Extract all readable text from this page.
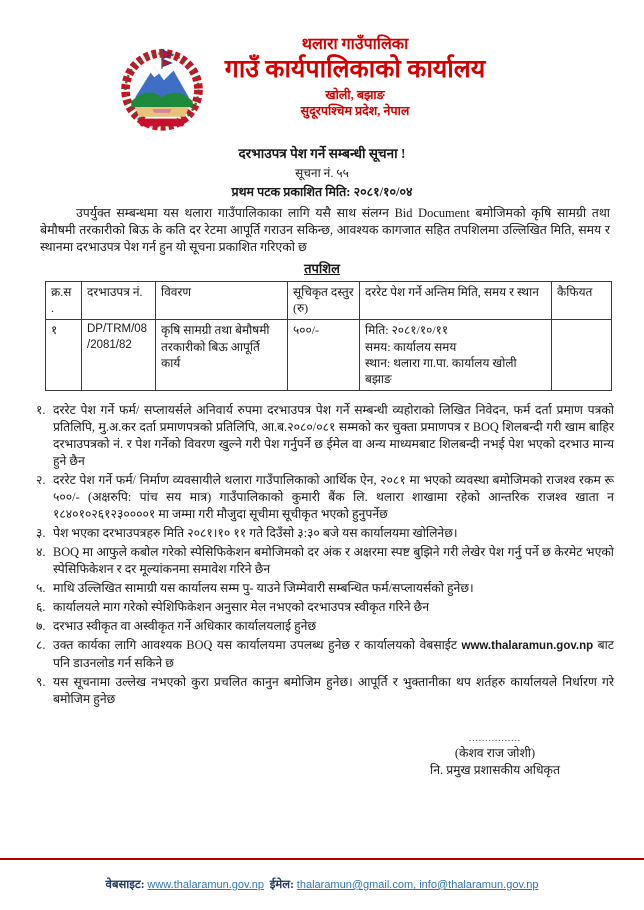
थलारा गाउँपालिका
गाउँ कार्यपालिकाको कार्यालय
खोली, बझाङ
सुदूरपश्चिम प्रदेश, नेपाल
दरभाउपत्र पेश गर्ने सम्बन्धी सूचना !
सूचना नं. ५५
प्रथम पटक प्रकाशित मिति: २०८१/१०/०४
उपर्युक्त सम्बन्धमा यस थलारा गाउँपालिकाका लागि यसै साथ संलग्न Bid Document बमोजिमको कृषि सामग्री तथा बेमौषमी तरकारीको बिऊ के कति दर रेटमा आपूर्ति गराउन सकिन्छ, आवश्यक कागजात सहित तपशिलमा उल्लिखित मिति, समय र स्थानमा दरभाउपत्र पेश गर्न हुन यो सूचना प्रकाशित गरिएको छ
तपशिल
क्र.स .	दरभाउपत्र नं.	विवरण	सूचिकृत दस्तुर (रु)	दररेट पेश गर्ने अन्तिम मिति, समय र स्थान	कैफियत
१	DP/TRM/08 /2081/82	कृषि सामग्री तथा बेमौषमी तरकारीको बिऊ आपूर्ति कार्य	५००/-	मिति: २०८१/१०/११
समय: कार्यालय समय
स्थान: थलारा गा.पा. कार्यालय खोली बझाङ	

१. दररेट पेश गर्ने फर्म/ सप्लायर्सले अनिवार्य रुपमा दरभाउपत्र पेश गर्ने सम्बन्धी व्यहोराको लिखित निवेदन, फर्म दर्ता प्रमाण पत्रको प्रतिलिपि, मु.अ.कर दर्ता प्रमाणपत्रको प्रतिलिपि, आ.ब.२०८०/०८१ सम्मको कर चुक्ता प्रमाणपत्र र BOQ शिलबन्दी गरी खाम बाहिर दरभाउपत्रको नं. र पेश गर्नेको विवरण खुल्ने गरी पेश गर्नुपर्ने छ ईमेल वा अन्य माध्यमबाट शिलबन्दी नभई पेश भएको दरभाउ मान्य हुने छैन
२. दररेट पेश गर्ने फर्म/ निर्माण व्यवसायीले थलारा गाउँपालिकाको आर्थिक ऐन, २०८१ मा भएको व्यवस्था बमोजिमको राजश्व रकम रू ५००/- (अक्षरुपि: पांच सय मात्र) गाउँपालिकाको कुमारी बैंक लि. थलारा शाखामा रहेको आन्तरिक राजश्व खाता न १८४०१०२६१२३००००१ मा जम्मा गरी मौजुदा सूचीमा सूचीकृत भएको हुनुपर्नेछ
३. पेश भएका दरभाउपत्रहरु मिति २०८१।१० ११ गते दिउँसो ३:३० बजे यस कार्यालयमा खोलिनेछ।
४. BOQ मा आफुले कबोल गरेको स्पेसिफिकेशन बमोजिमको दर अंक र अक्षरमा स्पष्ट बुझिने गरी लेखेर पेश गर्नु पर्ने छ केरमेट भएको स्पेसिफिकेशन र दर मूल्यांकनमा समावेश गरिने छैन
५. माथि उल्लिखित सामाग्री यस कार्यालय सम्म पु- याउने जिम्मेवारी सम्बन्धित फर्म/सप्लायर्सको हुनेछ।
६. कार्यालयले माग गरेको स्पेशिफिकेशन अनुसार मेल नभएको दरभाउपत्र स्वीकृत गरिने छैन
७. दरभाउ स्वीकृत वा अस्वीकृत गर्ने अधिकार कार्यालयलाई हुनेछ
८. उक्त कार्यका लागि आवश्यक BOQ यस कार्यालयमा उपलब्ध हुनेछ र कार्यालयको वेबसाईट www.thalaramun.gov.np बाट पनि डाउनलोड गर्न सकिने छ
९. यस सूचनामा उल्लेख नभएको कुरा प्रचलित कानुन बमोजिम हुनेछ। आपूर्ति र भुक्तानीका थप शर्तहरु कार्यालयले निर्धारण गरे बमोजिम हुनेछ
................
(केशव राज जोशी)
नि. प्रमुख प्रशासकीय अधिकृत
वेबसाइट: www.thalaramun.gov.np ईमेल: thalaramun@gmail.com, info@thalaramun.gov.np
